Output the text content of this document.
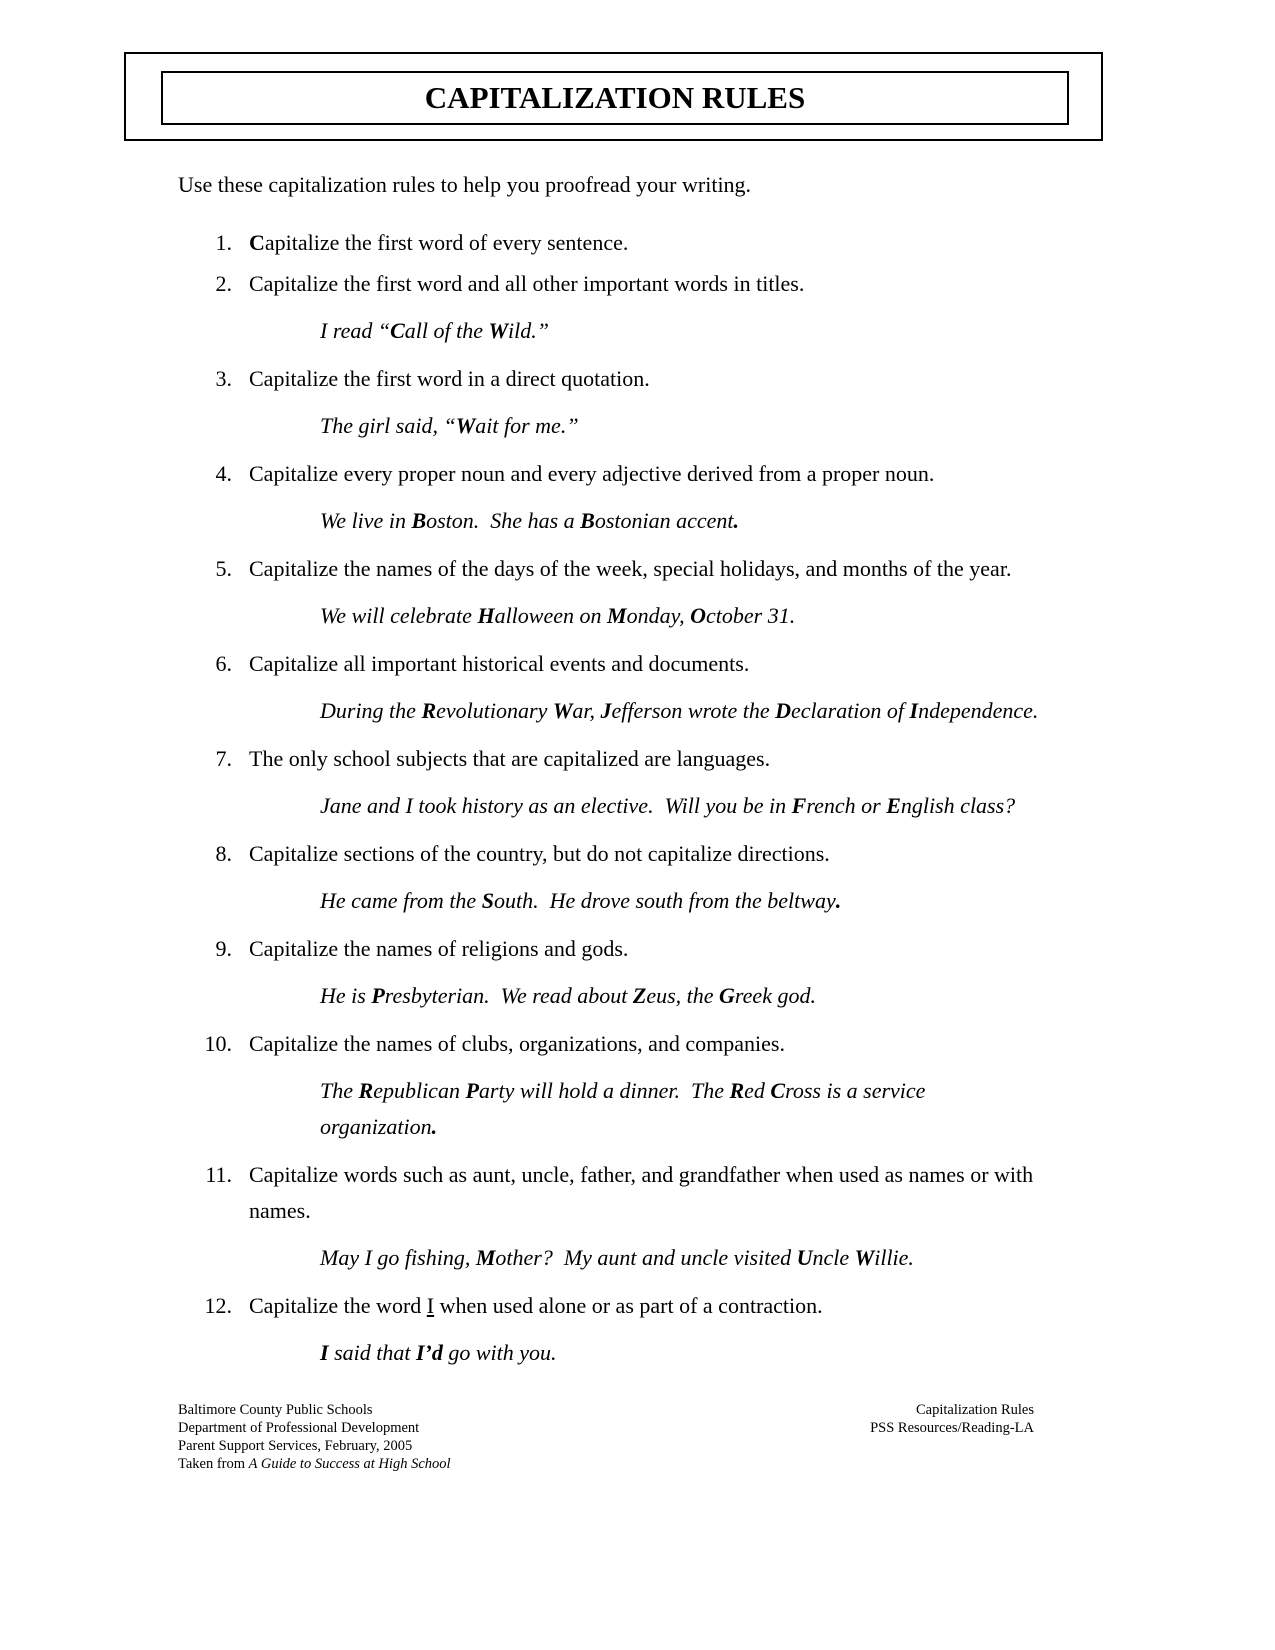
CAPITALIZATION RULES
Use these capitalization rules to help you proofread your writing.
1. Capitalize the first word of every sentence.
2. Capitalize the first word and all other important words in titles.
I read “Call of the Wild.”
3. Capitalize the first word in a direct quotation.
The girl said, “Wait for me.”
4. Capitalize every proper noun and every adjective derived from a proper noun.
We live in Boston.  She has a Bostonian accent.
5. Capitalize the names of the days of the week, special holidays, and months of the year.
We will celebrate Halloween on Monday, October 31.
6. Capitalize all important historical events and documents.
During the Revolutionary War, Jefferson wrote the Declaration of Independence.
7. The only school subjects that are capitalized are languages.
Jane and I took history as an elective.  Will you be in French or English class?
8. Capitalize sections of the country, but do not capitalize directions.
He came from the South.  He drove south from the beltway.
9. Capitalize the names of religions and gods.
He is Presbyterian.  We read about Zeus, the Greek god.
10. Capitalize the names of clubs, organizations, and companies.
The Republican Party will hold a dinner.  The Red Cross is a service organization.
11. Capitalize words such as aunt, uncle, father, and grandfather when used as names or with names.
May I go fishing, Mother?  My aunt and uncle visited Uncle Willie.
12. Capitalize the word I when used alone or as part of a contraction.
I said that I’d go with you.
Baltimore County Public Schools
Department of Professional Development
Parent Support Services, February, 2005
Taken from A Guide to Success at High School
Capitalization Rules
PSS Resources/Reading-LA
